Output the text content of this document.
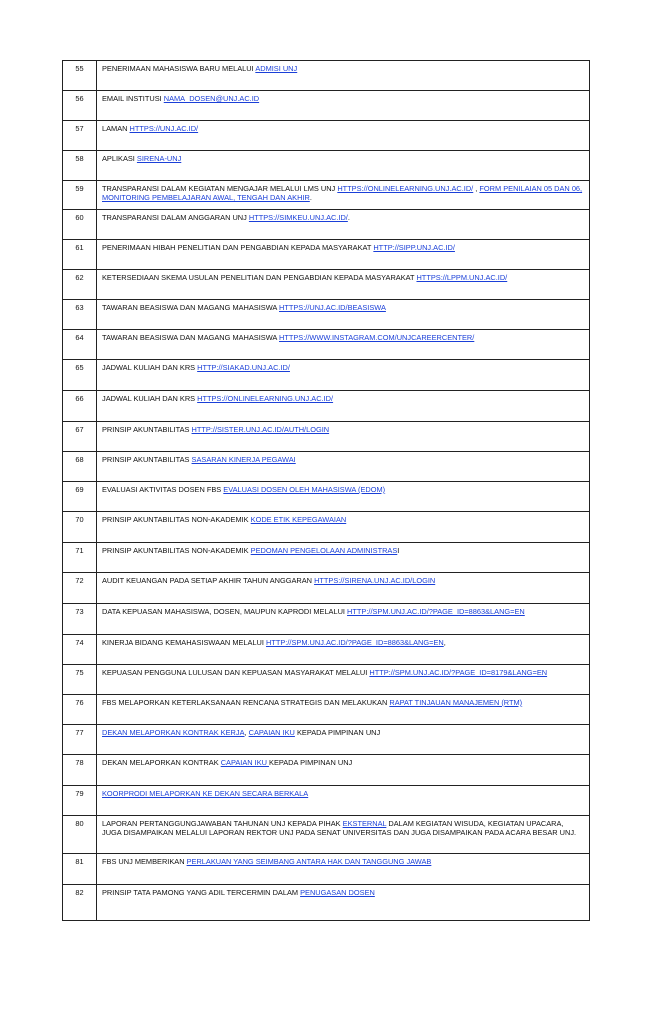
55	PENERIMAAN MAHASISWA BARU MELALUI ADMISI UNJ
56	EMAIL INSTITUSI NAMA_DOSEN@UNJ.AC.ID
57	LAMAN HTTPS://UNJ.AC.ID/
58	APLIKASI SIRENA-UNJ
59	TRANSPARANSI DALAM KEGIATAN MENGAJAR MELALUI LMS UNJ HTTPS://ONLINELEARNING.UNJ.AC.ID/ , FORM PENILAIAN 05 DAN 06, MONITORING PEMBELAJARAN AWAL, TENGAH DAN AKHIR.
60	TRANSPARANSI DALAM ANGGARAN UNJ HTTPS://SIMKEU.UNJ.AC.ID/.
61	PENERIMAAN HIBAH PENELITIAN DAN PENGABDIAN KEPADA MASYARAKAT HTTP://SIPP.UNJ.AC.ID/
62	KETERSEDIAAN SKEMA USULAN PENELITIAN DAN PENGABDIAN KEPADA MASYARAKAT HTTPS://LPPM.UNJ.AC.ID/
63	TAWARAN BEASISWA DAN MAGANG MAHASISWA HTTPS://UNJ.AC.ID/BEASISWA
64	TAWARAN BEASISWA DAN MAGANG MAHASISWA HTTPS://WWW.INSTAGRAM.COM/UNJCAREERCENTER/
65	JADWAL KULIAH DAN KRS HTTP://SIAKAD.UNJ.AC.ID/
66	JADWAL KULIAH DAN KRS HTTPS://ONLINELEARNING.UNJ.AC.ID/
67	PRINSIP AKUNTABILITAS HTTP://SISTER.UNJ.AC.ID/AUTH/LOGIN
68	PRINSIP AKUNTABILITAS SASARAN KINERJA PEGAWAI
69	EVALUASI AKTIVITAS DOSEN FBS EVALUASI DOSEN OLEH MAHASISWA (EDOM)
70	PRINSIP AKUNTABILITAS NON-AKADEMIK KODE ETIK KEPEGAWAIAN
71	PRINSIP AKUNTABILITAS NON-AKADEMIK PEDOMAN PENGELOLAAN ADMINISTRASI
72	AUDIT KEUANGAN PADA SETIAP AKHIR TAHUN ANGGARAN HTTPS://SIRENA.UNJ.AC.ID/LOGIN
73	DATA KEPUASAN MAHASISWA, DOSEN, MAUPUN KAPRODI MELALUI HTTP://SPM.UNJ.AC.ID/?PAGE_ID=8863&LANG=EN
74	KINERJA BIDANG KEMAHASISWAAN MELALUI HTTP://SPM.UNJ.AC.ID/?PAGE_ID=8863&LANG=EN,
75	KEPUASAN PENGGUNA LULUSAN DAN KEPUASAN MASYARAKAT MELALUI HTTP://SPM.UNJ.AC.ID/?PAGE_ID=8179&LANG=EN
76	FBS MELAPORKAN KETERLAKSANAAN RENCANA STRATEGIS DAN MELAKUKAN RAPAT TINJAUAN MANAJEMEN (RTM)
77	DEKAN MELAPORKAN KONTRAK KERJA, CAPAIAN IKU KEPADA PIMPINAN UNJ
78	DEKAN MELAPORKAN KONTRAK CAPAIAN IKU KEPADA PIMPINAN UNJ
79	KOORPRODI MELAPORKAN KE DEKAN SECARA BERKALA
80	LAPORAN PERTANGGUNGJAWABAN TAHUNAN UNJ KEPADA PIHAK EKSTERNAL DALAM KEGIATAN WISUDA, KEGIATAN UPACARA, JUGA DISAMPAIKAN MELALUI LAPORAN REKTOR UNJ PADA SENAT UNIVERSITAS DAN JUGA DISAMPAIKAN PADA ACARA BESAR UNJ.
81	FBS UNJ MEMBERIKAN PERLAKUAN YANG SEIMBANG ANTARA HAK DAN TANGGUNG JAWAB
82	PRINSIP TATA PAMONG YANG ADIL TERCERMIN DALAM PENUGASAN DOSEN
